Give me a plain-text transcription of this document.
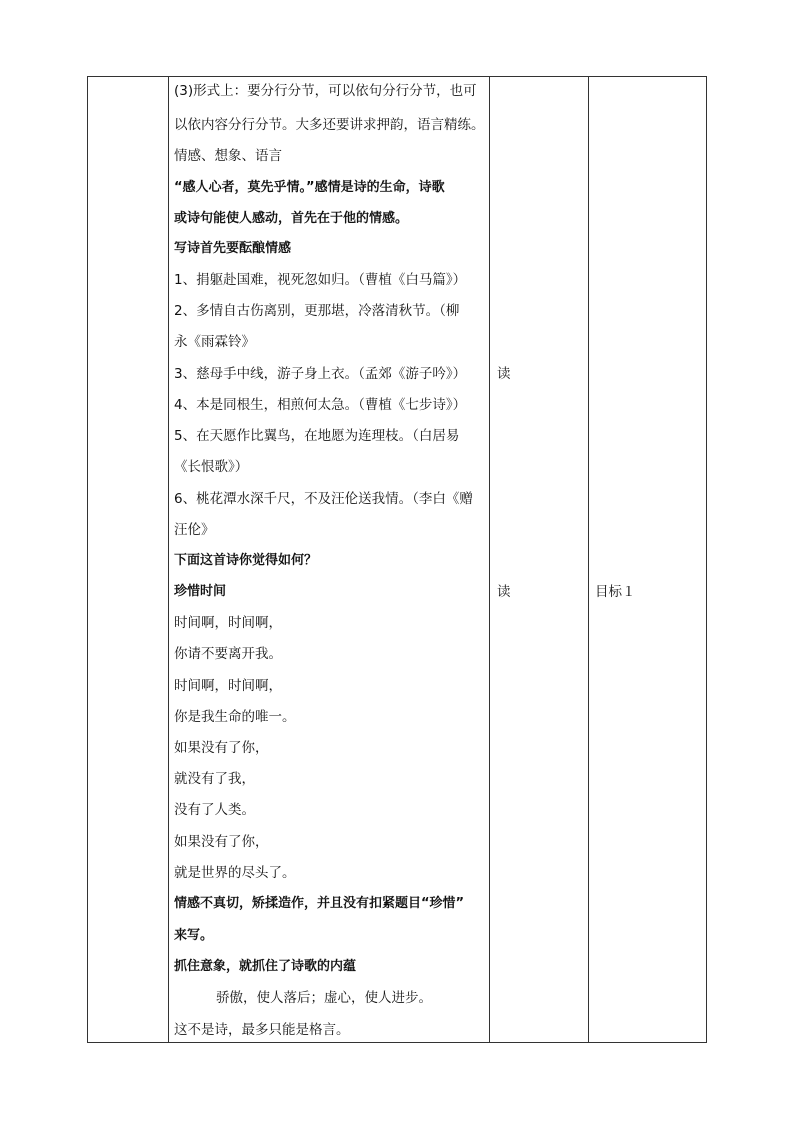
(3)形式上：要分行分节，可以依句分行分节，也可
以依内容分行分节。大多还要讲求押韵，语言精练。
情感、想象、语言
“感人心者，莫先乎情。”感情是诗的生命，诗歌
或诗句能使人感动，首先在于他的情感。
写诗首先要酝酿情感
1、捐躯赴国难，视死忽如归。（曹植《白马篇》）
2、多情自古伤离别，更那堪，冷落清秋节。（柳
永《雨霖铃》
3、慈母手中线，游子身上衣。（孟郊《游子吟》）
4、本是同根生，相煎何太急。（曹植《七步诗》）
5、在天愿作比翼鸟，在地愿为连理枝。（白居易
《长恨歌》）
6、桃花潭水深千尺，不及汪伦送我情。（李白《赠
汪伦》
下面这首诗你觉得如何？
珍惜时间
时间啊，时间啊，
你请不要离开我。
时间啊，时间啊，
你是我生命的唯一。
如果没有了你，
就没有了我，
没有了人类。
如果没有了你，
就是世界的尽头了。
情感不真切，矫揉造作，并且没有扣紧题目“珍惜”
来写。
抓住意象，就抓住了诗歌的内蕴
骄傲，使人落后；虚心，使人进步。
这不是诗，最多只能是格言。
读
读	目标１
